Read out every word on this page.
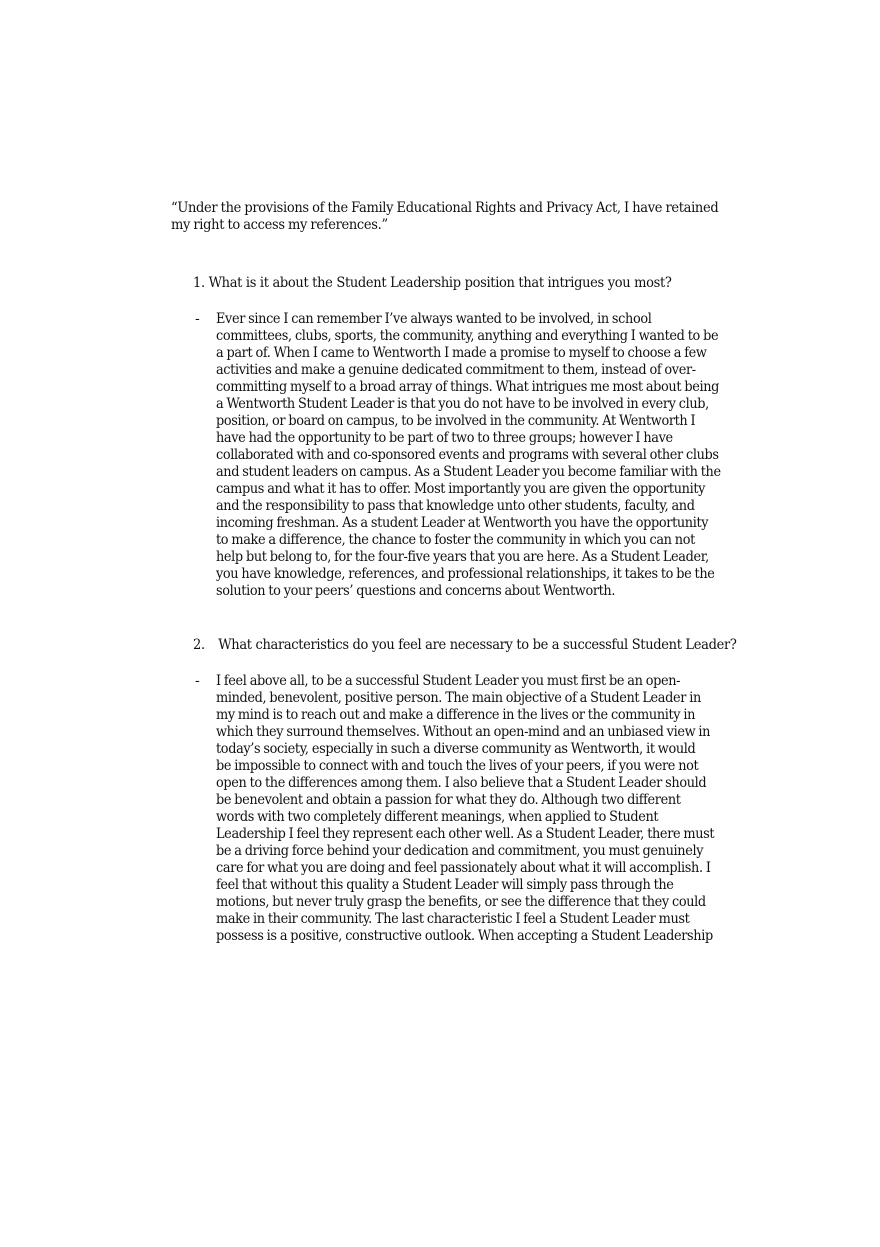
“Under the provisions of the Family Educational Rights and Privacy Act, I have retained
my right to access my references.”

1. What is it about the Student Leadership position that intrigues you most?

- Ever since I can remember I’ve always wanted to be involved, in school
committees, clubs, sports, the community, anything and everything I wanted to be
a part of. When I came to Wentworth I made a promise to myself to choose a few
activities and make a genuine dedicated commitment to them, instead of over-
committing myself to a broad array of things. What intrigues me most about being
a Wentworth Student Leader is that you do not have to be involved in every club,
position, or board on campus, to be involved in the community. At Wentworth I
have had the opportunity to be part of two to three groups; however I have
collaborated with and co-sponsored events and programs with several other clubs
and student leaders on campus. As a Student Leader you become familiar with the
campus and what it has to offer. Most importantly you are given the opportunity
and the responsibility to pass that knowledge unto other students, faculty, and
incoming freshman. As a student Leader at Wentworth you have the opportunity
to make a difference, the chance to foster the community in which you can not
help but belong to, for the four-five years that you are here. As a Student Leader,
you have knowledge, references, and professional relationships, it takes to be the
solution to your peers’ questions and concerns about Wentworth.

2. What characteristics do you feel are necessary to be a successful Student Leader?

- I feel above all, to be a successful Student Leader you must first be an open-
minded, benevolent, positive person. The main objective of a Student Leader in
my mind is to reach out and make a difference in the lives or the community in
which they surround themselves. Without an open-mind and an unbiased view in
today’s society, especially in such a diverse community as Wentworth, it would
be impossible to connect with and touch the lives of your peers, if you were not
open to the differences among them. I also believe that a Student Leader should
be benevolent and obtain a passion for what they do. Although two different
words with two completely different meanings, when applied to Student
Leadership I feel they represent each other well. As a Student Leader, there must
be a driving force behind your dedication and commitment, you must genuinely
care for what you are doing and feel passionately about what it will accomplish. I
feel that without this quality a Student Leader will simply pass through the
motions, but never truly grasp the benefits, or see the difference that they could
make in their community. The last characteristic I feel a Student Leader must
possess is a positive, constructive outlook. When accepting a Student Leadership
